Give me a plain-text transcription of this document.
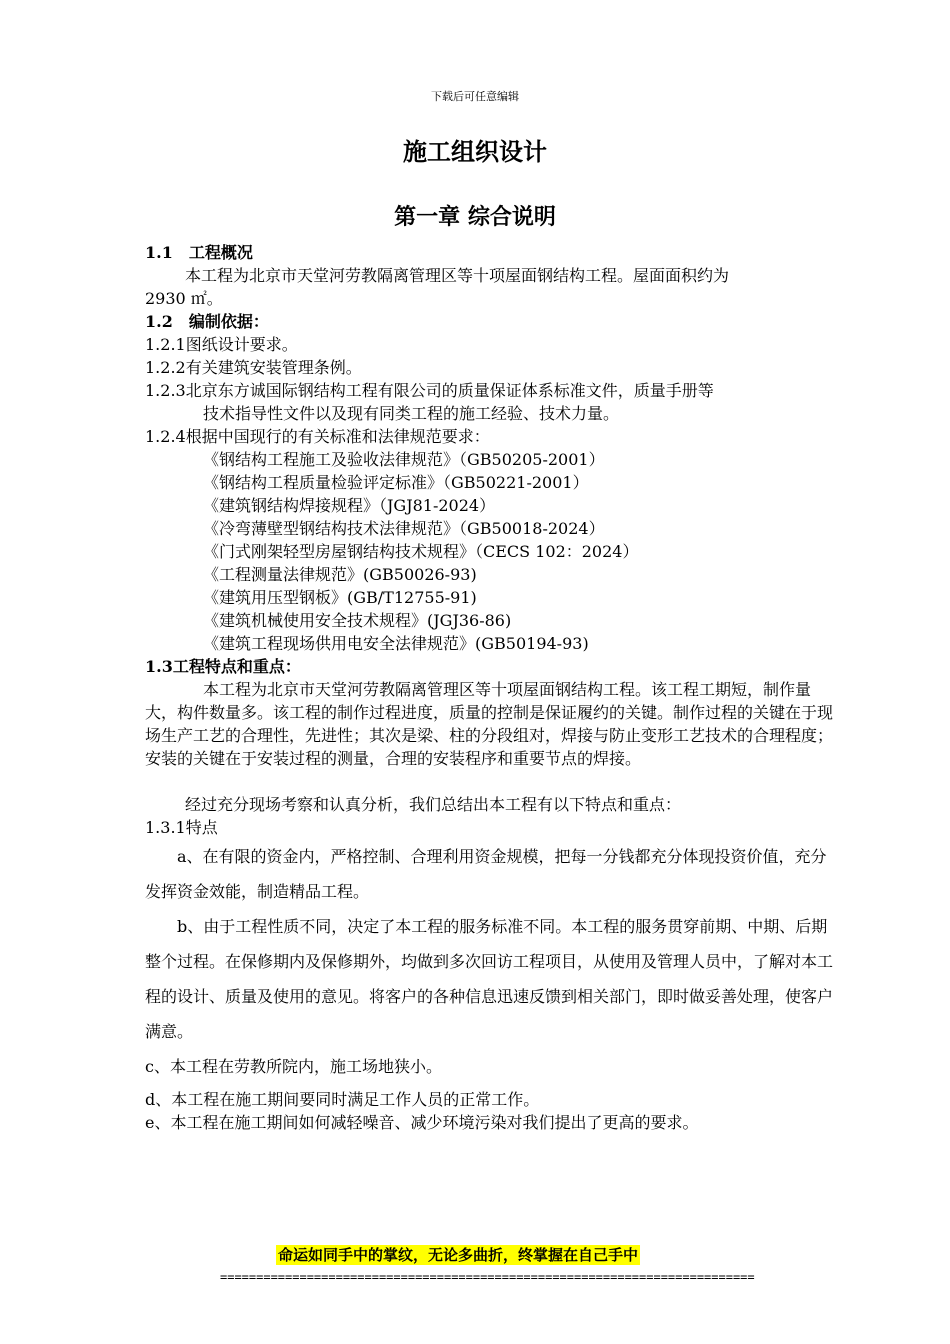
下载后可任意编辑
施工组织设计
第一章 综合说明
1.1　工程概况
本工程为北京市天堂河劳教隔离管理区等十项屋面钢结构工程。屋面面积约为
2930 ㎡。
1.2　编制依据：
1.2.1图纸设计要求。
1.2.2有关建筑安装管理条例。
1.2.3北京东方诚国际钢结构工程有限公司的质量保证体系标准文件，质量手册等
技术指导性文件以及现有同类工程的施工经验、技术力量。
1.2.4根据中国现行的有关标准和法律规范要求：
《钢结构工程施工及验收法律规范》（GB50205-2001）
《钢结构工程质量检验评定标准》（GB50221-2001）
《建筑钢结构焊接规程》（JGJ81-2024）
《冷弯薄壁型钢结构技术法律规范》（GB50018-2024）
《门式刚架轻型房屋钢结构技术规程》（CECS 102：2024）
《工程测量法律规范》(GB50026-93)
《建筑用压型钢板》(GB/T12755-91)
《建筑机械使用安全技术规程》(JGJ36-86)
《建筑工程现场供用电安全法律规范》(GB50194-93)
1.3工程特点和重点：
本工程为北京市天堂河劳教隔离管理区等十项屋面钢结构工程。该工程工期短，制作量大，构件数量多。该工程的制作过程进度，质量的控制是保证履约的关键。制作过程的关键在于现场生产工艺的合理性，先进性；其次是梁、柱的分段组对，焊接与防止变形工艺技术的合理程度；安装的关键在于安装过程的测量，合理的安装程序和重要节点的焊接。
经过充分现场考察和认真分析，我们总结出本工程有以下特点和重点：
1.3.1特点
a、在有限的资金内，严格控制、合理利用资金规模，把每一分钱都充分体现投资价值，充分发挥资金效能，制造精品工程。
b、由于工程性质不同，决定了本工程的服务标准不同。本工程的服务贯穿前期、中期、后期整个过程。在保修期内及保修期外，均做到多次回访工程项目，从使用及管理人员中，了解对本工程的设计、质量及使用的意见。将客户的各种信息迅速反馈到相关部门，即时做妥善处理，使客户满意。
c、本工程在劳教所院内，施工场地狭小。
d、本工程在施工期间要同时满足工作人员的正常工作。
e、本工程在施工期间如何减轻噪音、减少环境污染对我们提出了更高的要求。
命运如同手中的掌纹，无论多曲折，终掌握在自己手中
==========================================================================
